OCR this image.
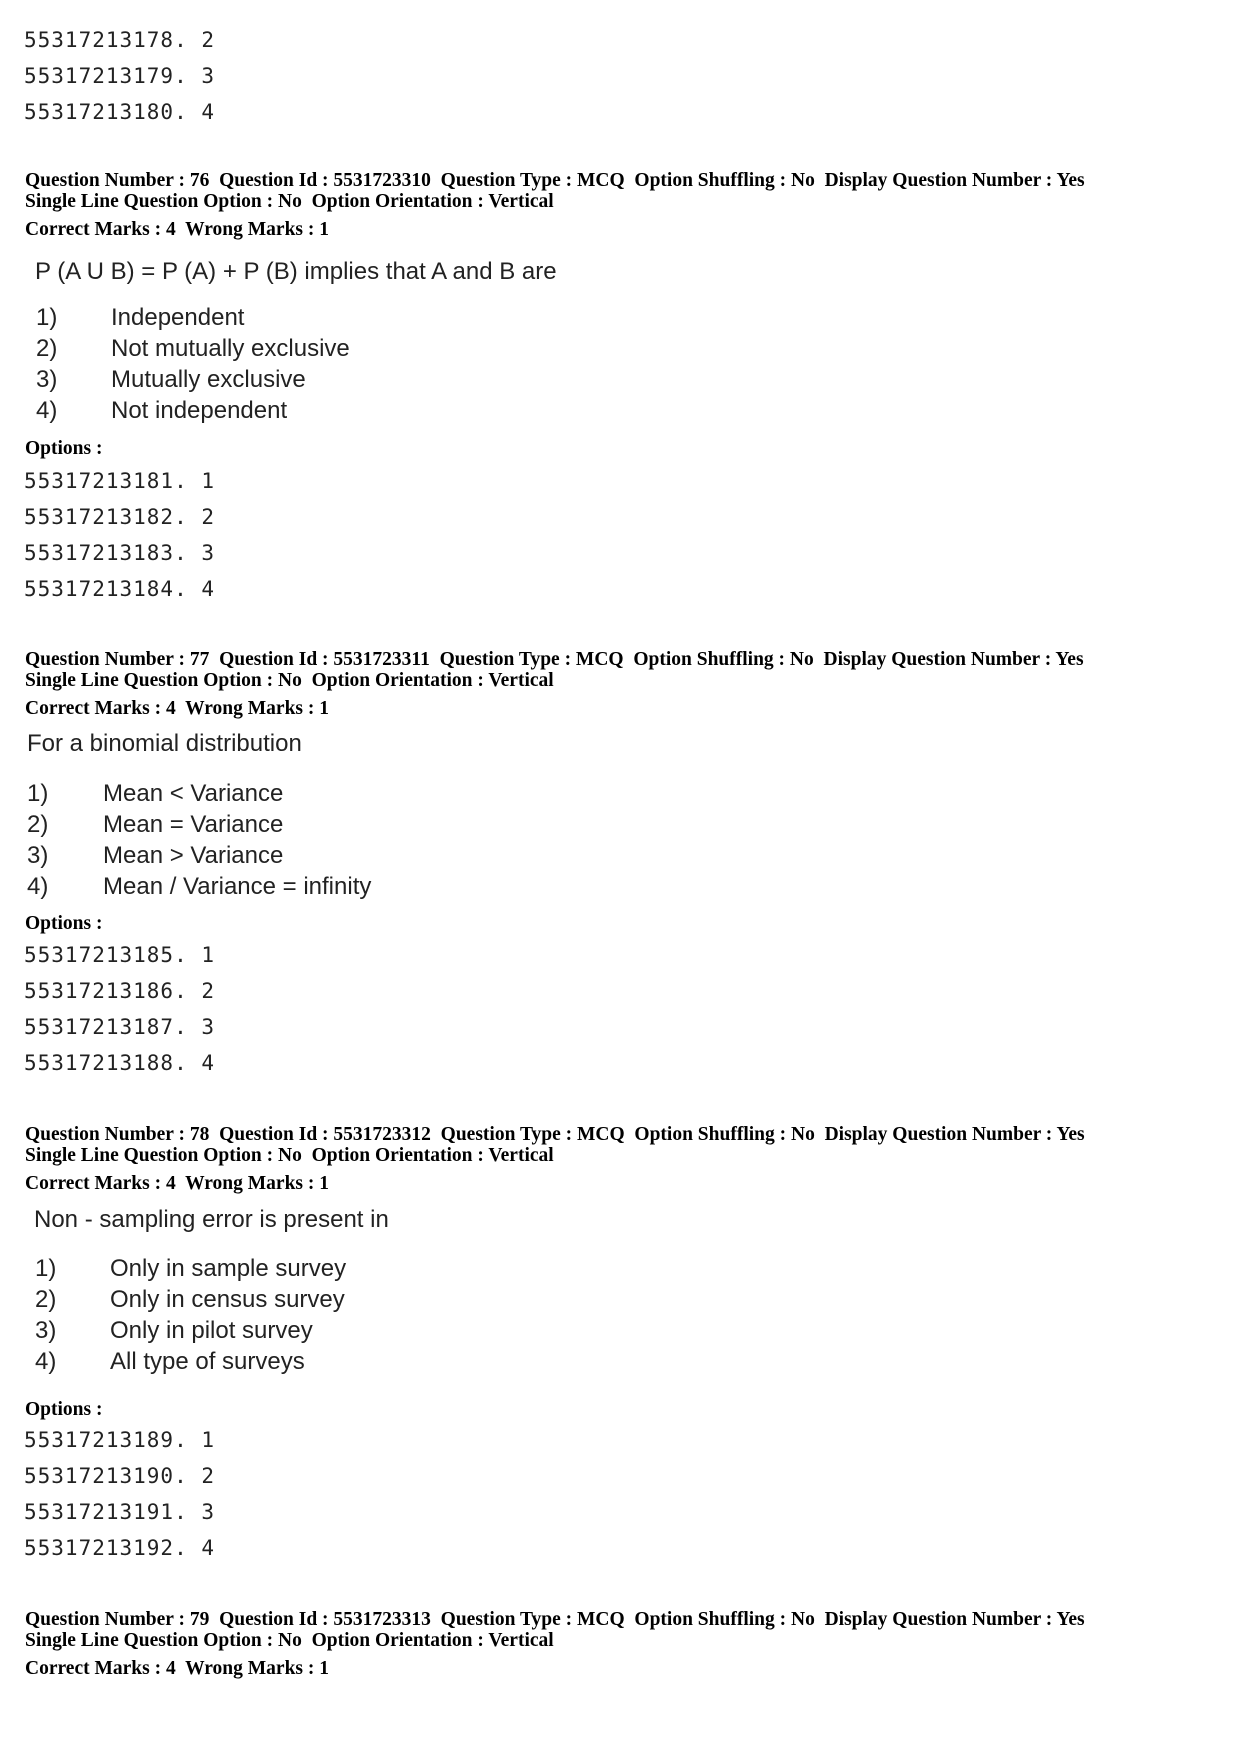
55317213178. 2
55317213179. 3
55317213180. 4
Question Number : 76  Question Id : 5531723310  Question Type : MCQ  Option Shuffling : No  Display Question Number : Yes
Single Line Question Option : No  Option Orientation : Vertical
Correct Marks : 4  Wrong Marks : 1
P (A U B) = P (A) + P (B) implies that A and B are
1) Independent
2) Not mutually exclusive
3) Mutually exclusive
4) Not independent
Options :
55317213181. 1
55317213182. 2
55317213183. 3
55317213184. 4
Question Number : 77  Question Id : 5531723311  Question Type : MCQ  Option Shuffling : No  Display Question Number : Yes
Single Line Question Option : No  Option Orientation : Vertical
Correct Marks : 4  Wrong Marks : 1
For a binomial distribution
1) Mean < Variance
2) Mean = Variance
3) Mean > Variance
4) Mean / Variance = infinity
Options :
55317213185. 1
55317213186. 2
55317213187. 3
55317213188. 4
Question Number : 78  Question Id : 5531723312  Question Type : MCQ  Option Shuffling : No  Display Question Number : Yes
Single Line Question Option : No  Option Orientation : Vertical
Correct Marks : 4  Wrong Marks : 1
Non - sampling error is present in
1) Only in sample survey
2) Only in census survey
3) Only in pilot survey
4) All type of surveys
Options :
55317213189. 1
55317213190. 2
55317213191. 3
55317213192. 4
Question Number : 79  Question Id : 5531723313  Question Type : MCQ  Option Shuffling : No  Display Question Number : Yes
Single Line Question Option : No  Option Orientation : Vertical
Correct Marks : 4  Wrong Marks : 1
